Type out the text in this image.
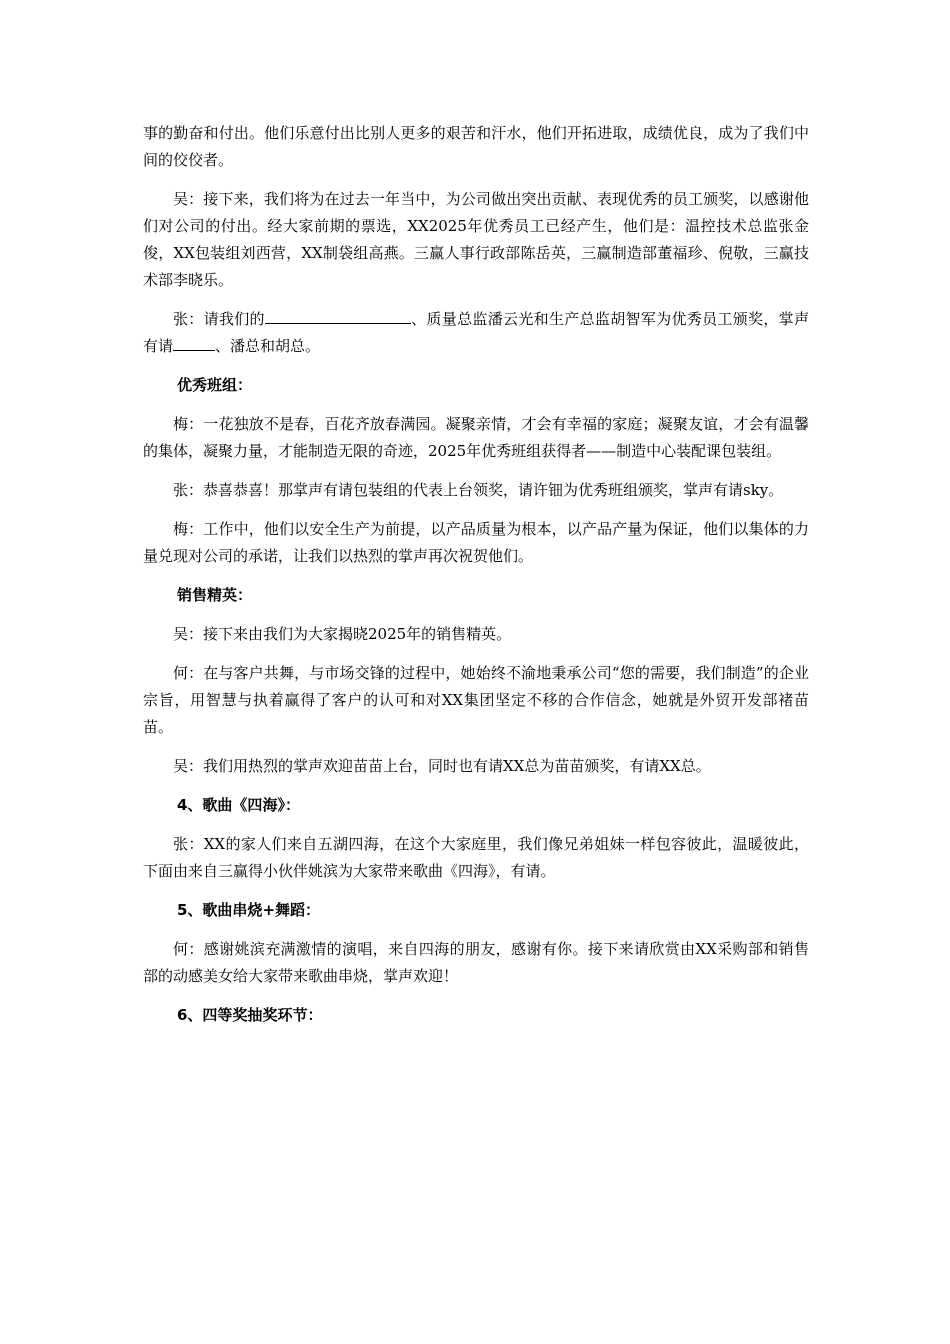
事的勤奋和付出。他们乐意付出比别人更多的艰苦和汗水，他们开拓进取，成绩优良，成为了我们中间的佼佼者。

吴：接下来，我们将为在过去一年当中，为公司做出突出贡献、表现优秀的员工颁奖，以感谢他们对公司的付出。经大家前期的票选，XX2025年优秀员工已经产生，他们是：温控技术总监张金俊，XX包装组刘西营，XX制袋组高燕。三赢人事行政部陈岳英，三赢制造部董福珍、倪敬，三赢技术部李晓乐。

张：请我们的	、质量总监潘云光和生产总监胡智军为优秀员工颁奖，掌声有请	、潘总和胡总。

优秀班组：

梅：一花独放不是春，百花齐放春满园。凝聚亲情，才会有幸福的家庭；凝聚友谊，才会有温馨的集体，凝聚力量，才能制造无限的奇迹，2025年优秀班组获得者——制造中心装配课包装组。

张：恭喜恭喜！那掌声有请包装组的代表上台领奖，请许钿为优秀班组颁奖，掌声有请sky。

梅：工作中，他们以安全生产为前提，以产品质量为根本，以产品产量为保证，他们以集体的力量兑现对公司的承诺，让我们以热烈的掌声再次祝贺他们。

销售精英：

吴：接下来由我们为大家揭晓2025年的销售精英。

何：在与客户共舞，与市场交锋的过程中，她始终不渝地秉承公司“您的需要，我们制造”的企业宗旨，用智慧与执着赢得了客户的认可和对XX集团坚定不移的合作信念，她就是外贸开发部褚苗苗。

吴：我们用热烈的掌声欢迎苗苗上台，同时也有请XX总为苗苗颁奖，有请XX总。

4、歌曲《四海》：

张：XX的家人们来自五湖四海，在这个大家庭里，我们像兄弟姐妹一样包容彼此，温暖彼此，下面由来自三赢得小伙伴姚滨为大家带来歌曲《四海》，有请。

5、歌曲串烧+舞蹈：

何：感谢姚滨充满激情的演唱，来自四海的朋友，感谢有你。接下来请欣赏由XX采购部和销售部的动感美女给大家带来歌曲串烧，掌声欢迎！

6、四等奖抽奖环节：
